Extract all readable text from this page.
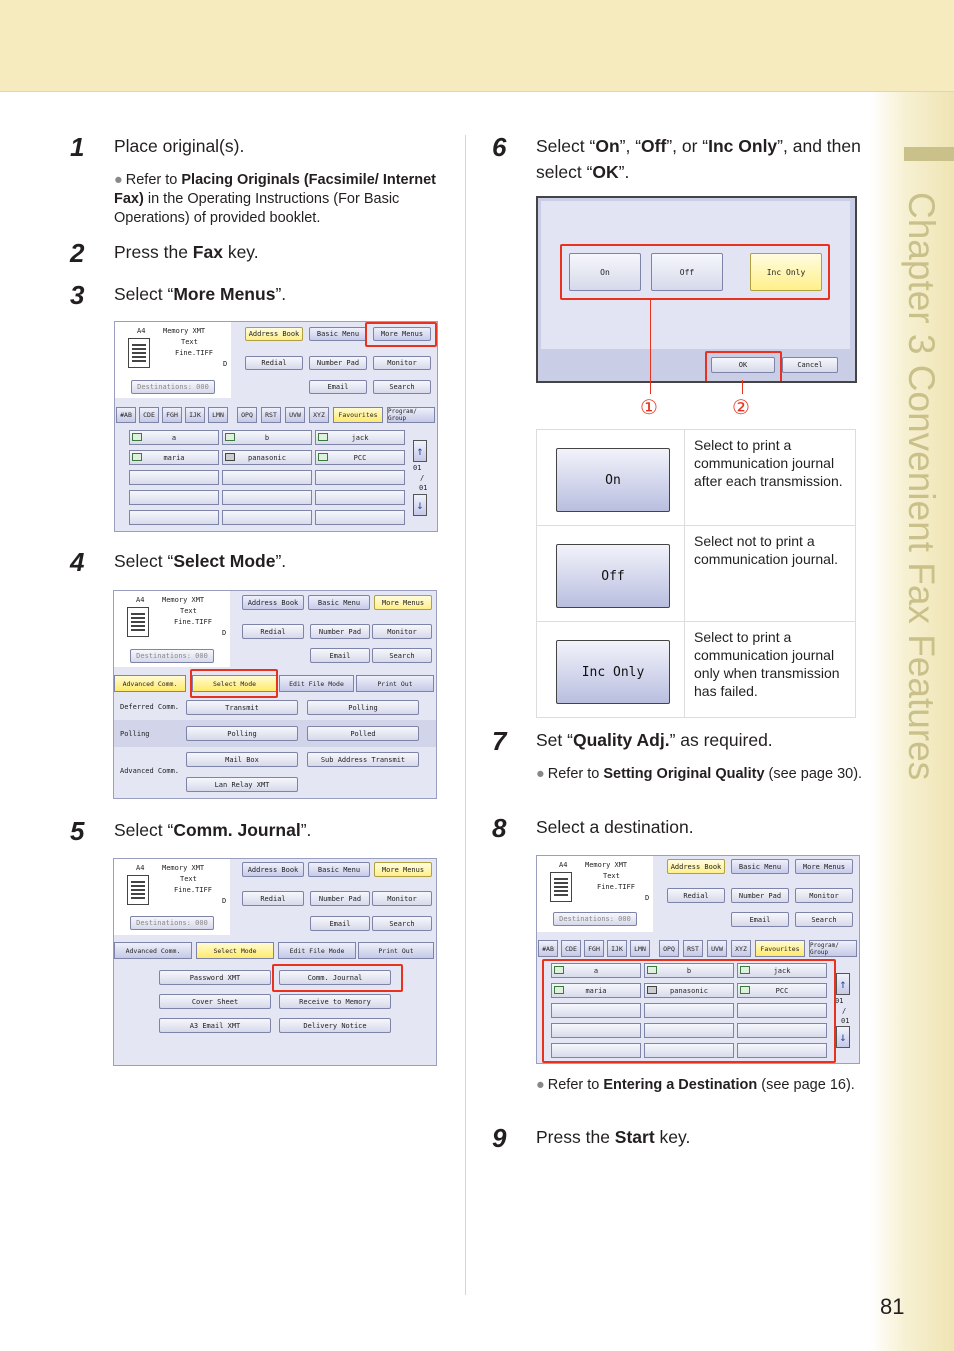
Chapter 3 Convenient Fax Features
81
1	Place original(s).
● Refer to Placing Originals (Facsimile/ Internet Fax) in the Operating Instructions (For Basic Operations) of provided booklet.
2	Press the Fax key.
3	Select “More Menus”.
A4	Memory XMT
Text
Fine.TIFF
D
Destinations: 000
Address Book	Basic Menu	More Menus
Redial	Number Pad	Monitor
Email	Search
#AB	CDE	FGH	IJK	LMN	OPQ	RST	UVW	XYZ	Favourites	Program/ Group
a	b	jack
maria	panasonic	PCC	↑
01
/
01
↓
4	Select “Select Mode”.
A4	Memory XMT
Text
Fine.TIFF
D
Destinations: 000
Address Book	Basic Menu	More Menus
Redial	Number Pad	Monitor
Email	Search
Advanced Comm.	Select Mode	Edit File Mode	Print Out
Deferred Comm.	Transmit	Polling
Polling	Polling	Polled
Advanced Comm.
Mail Box	Sub Address Transmit
Lan Relay XMT
5	Select “Comm. Journal”.
A4	Memory XMT
Text
Fine.TIFF
D
Destinations: 000
Address Book	Basic Menu	More Menus
Redial	Number Pad	Monitor
Email	Search
Advanced Comm.	Select Mode	Edit File Mode	Print Out
Password XMT	Comm. Journal
Cover Sheet	Receive to Memory
A3 Email XMT	Delivery Notice
6	Select “On”, “Off”, or “Inc Only”, and then select “OK”.
On	Off	Inc Only
OK	Cancel
①	②
On	Select to print a communication journal after each transmission.

Off	Select not to print a communication journal.

Inc Only	Select to print a communication journal only when transmission has failed.
7	Set “Quality Adj.” as required.
● Refer to Setting Original Quality (see page 30).
8	Select a destination.
A4	Memory XMT
Text
Fine.TIFF
D
Destinations: 000
Address Book	Basic Menu	More Menus
Redial	Number Pad	Monitor
Email	Search
#AB	CDE	FGH	IJK	LMN	OPQ	RST	UVW	XYZ	Favourites	Program/ Group
a	b	jack
maria	panasonic	PCC	↑
01
/
01
↓
● Refer to Entering a Destination (see page 16).
9	Press the Start key.
